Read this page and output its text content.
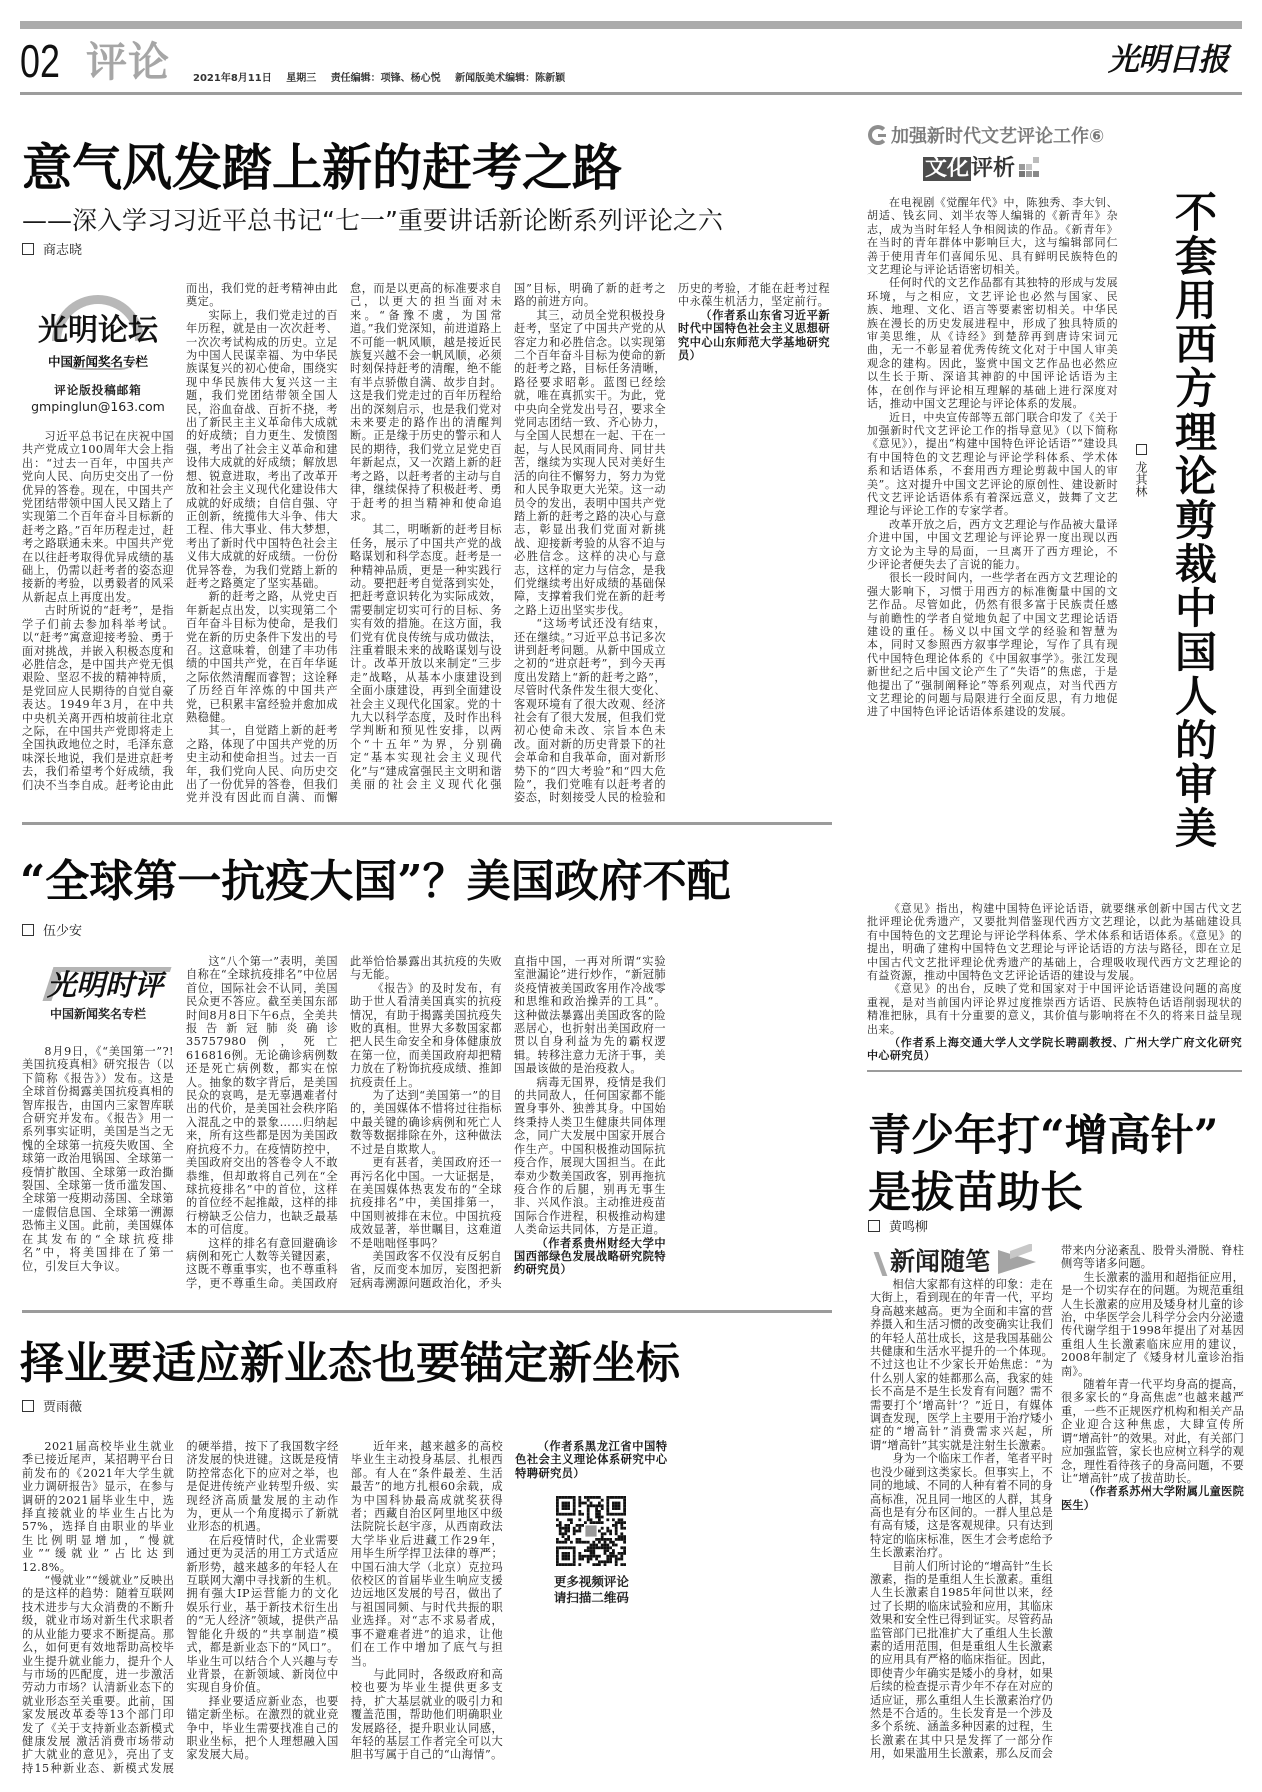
02 评论 2021年8月11日 星期三 责任编辑：项锋、杨心悦 新闻版美术编辑：陈新颖
光明日报
意气风发踏上新的赶考之路
——深入学习习近平总书记“七一”重要讲话新论断系列评论之六
商志晓
光明论坛
中国新闻奖名专栏
评论版投稿邮箱
gmpinglun@163.com

习近平总书记在庆祝中国共产党成立100周年大会上指出：“过去一百年，中国共产党向人民、向历史交出了一份优异的答卷。现在，中国共产党团结带领中国人民又踏上了实现第二个百年奋斗目标新的赶考之路。”百年历程走过，赶考之路联通未来。中国共产党在以往赶考取得优异成绩的基础上，仍需以赶考者的姿态迎接新的考验，以勇毅者的风采从新起点上再度出发。

古时所说的“赶考”，是指学子们前去参加科举考试。以“赶考”寓意迎接考验、勇于面对挑战，并嵌入积极态度和必胜信念，是中国共产党无惧艰险、坚忍不拔的精神特质，是党回应人民期待的自觉自豪表达。1949年3月，在中共中央机关离开西柏坡前往北京之际，在中国共产党即将走上全国执政地位之时，毛泽东意味深长地说，我们是进京赶考去，我们希望考个好成绩，我们决不当李自成。赶考论由此而出，我们党的赶考精神由此奠定。

实际上，我们党走过的百年历程，就是由一次次赶考、一次次考试构成的历史。立足为中国人民谋幸福、为中华民族谋复兴的初心使命，围绕实现中华民族伟大复兴这一主题，我们党团结带领全国人民，浴血奋战、百折不挠，考出了新民主主义革命伟大成就的好成绩；自力更生、发愤图强，考出了社会主义革命和建设伟大成就的好成绩；解放思想、锐意进取，考出了改革开放和社会主义现代化建设伟大成就的好成绩；自信自强、守正创新，统揽伟大斗争、伟大工程、伟大事业、伟大梦想，考出了新时代中国特色社会主义伟大成就的好成绩。一份份优异答卷，为我们党踏上新的赶考之路奠定了坚实基础。

新的赶考之路，从党史百年新起点出发，以实现第二个百年奋斗目标为使命，是我们党在新的历史条件下发出的号召。这意味着，创建了丰功伟绩的中国共产党，在百年华诞之际依然清醒而睿智；这诠释了历经百年淬炼的中国共产党，已积累丰富经验并愈加成熟稳健。

其一，自觉踏上新的赶考之路，体现了中国共产党的历史主动和使命担当。过去一百年，我们党向人民、向历史交出了一份优异的答卷，但我们党并没有因此而自满、而懈怠，而是以更高的标准要求自己，以更大的担当面对未来。“备豫不虞，为国常道。”我们党深知，前进道路上不可能一帆风顺，越是接近民族复兴越不会一帆风顺，必须时刻保持赶考的清醒，绝不能有半点骄傲自满、故步自封。这是我们党走过的百年历程给出的深刻启示，也是我们党对未来要走的路作出的清醒判断。正是缘于历史的警示和人民的期待，我们党立足党史百年新起点，又一次踏上新的赶考之路，以赶考者的主动与自律，继续保持了积极赶考、勇于赶考的担当精神和使命追求。

其二，明晰新的赶考目标任务，展示了中国共产党的战略谋划和科学态度。赶考是一种精神品质，更是一种实践行动。要把赶考自觉落到实处，把赶考意识转化为实际成效，需要制定切实可行的目标、务实有效的措施。在这方面，我们党有优良传统与成功做法，注重着眼未来的战略谋划与设计。改革开放以来制定“三步走”战略，从基本小康建设到全面小康建设，再到全面建设社会主义现代化国家。党的十九大以科学态度，及时作出科学判断和预见性安排，以两个“十五年”为界，分别确定“基本实现社会主义现代化”与“建成富强民主文明和谐美丽的社会主义现代化强国”目标，明确了新的赶考之路的前进方向。

其三，动员全党积极投身赶考，坚定了中国共产党的从容定力和必胜信念。以实现第二个百年奋斗目标为使命的新的赶考之路，目标任务清晰，路径要求昭彰。蓝图已经绘就，唯在真抓实干。为此，党中央向全党发出号召，要求全党同志团结一致、齐心协力，与全国人民想在一起、干在一起，与人民风雨同舟、同甘共苦，继续为实现人民对美好生活的向往不懈努力，努力为党和人民争取更大光荣。这一动员令的发出，表明中国共产党踏上新的赶考之路的决心与意志，彰显出我们党面对新挑战、迎接新考验的从容不迫与必胜信念。这样的决心与意志，这样的定力与信念，是我们党继续考出好成绩的基础保障，支撑着我们党在新的赶考之路上迈出坚实步伐。

“这场考试还没有结束，还在继续。”习近平总书记多次讲到赶考问题。从新中国成立之初的“进京赶考”，到今天再度出发踏上“新的赶考之路”，尽管时代条件发生很大变化、客观环境有了很大改观、经济社会有了很大发展，但我们党初心使命未改、宗旨本色未改。面对新的历史背景下的社会革命和自我革命，面对新形势下的“四大考验”和“四大危险”，我们党唯有以赶考者的姿态，时刻接受人民的检验和历史的考验，才能在赶考过程中永葆生机活力，坚定前行。

（作者系山东省习近平新时代中国特色社会主义思想研究中心山东师范大学基地研究员）

“全球第一抗疫大国”？美国政府不配
伍少安
光明时评
中国新闻奖名专栏

8月9日，《“美国第一”?! 美国抗疫真相》研究报告（以下简称《报告》）发布。这是全球首份揭露美国抗疫真相的智库报告，由国内三家智库联合研究并发布。《报告》用一系列事实证明，美国是当之无愧的全球第一抗疫失败国、全球第一政治甩锅国、全球第一疫情扩散国、全球第一政治撕裂国、全球第一货币滥发国、全球第一疫期动荡国、全球第一虚假信息国、全球第一溯源恐怖主义国。此前，美国媒体在其发布的“全球抗疫排名”中，将美国排在了第一位，引发巨大争议。

这“八个第一”表明，美国自称在“全球抗疫排名”中位居首位，国际社会不认同，美国民众更不答应。截至美国东部时间8月8日下午6点，全美共报告新冠肺炎确诊35757980例，死亡616816例。无论确诊病例数还是死亡病例数，都实在惊人。抽象的数字背后，是美国民众的哀鸣，是无辜遇难者付出的代价，是美国社会秩序陷入混乱之中的景象……归纳起来，所有这些都是因为美国政府抗疫不力。在疫情防控中，美国政府交出的答卷令人不敢恭维，但却敢将自己列在“全球抗疫排名”中的首位，这样的首位经不起推敲，这样的排行榜缺乏公信力，也缺乏最基本的可信度。

这样的排名有意回避确诊病例和死亡人数等关键因素，这既不尊重事实，也不尊重科学，更不尊重生命。美国政府此举恰恰暴露出其抗疫的失败与无能。

《报告》的及时发布，有助于世人看清美国真实的抗疫情况，有助于揭露美国抗疫失败的真相。世界大多数国家都把人民生命安全和身体健康放在第一位，而美国政府却把精力放在了粉饰抗疫成绩、推卸抗疫责任上。

为了达到“美国第一”的目的，美国媒体不惜将过往指标中最关键的确诊病例和死亡人数等数据排除在外，这种做法不过是自欺欺人。

更有甚者，美国政府还一再污名化中国。一大证据是，在美国媒体热衷发布的“全球抗疫排名”中，美国排第一，中国则被排在末位。中国抗疫成效显著，举世瞩目，这难道不是咄咄怪事吗？

美国政客不仅没有反躬自省，反而变本加厉，妄图把新冠病毒溯源问题政治化，矛头直指中国，一再对所谓“实验室泄漏论”进行炒作，“新冠肺炎疫情被美国政客用作冷战零和思维和政治操弄的工具”。这种做法暴露出美国政客的险恶居心，也折射出美国政府一贯以自身利益为先的霸权逻辑。转移注意力无济于事，美国最该做的是治疫救人。

病毒无国界，疫情是我们的共同敌人，任何国家都不能置身事外、独善其身。中国始终秉持人类卫生健康共同体理念，同广大发展中国家开展合作生产。中国积极推动国际抗疫合作，展现大国担当。在此奉劝少数美国政客，别再拖抗疫合作的后腿，别再无事生非、兴风作浪。主动推进疫苗国际合作进程，积极推动构建人类命运共同体，方是正道。

（作者系贵州财经大学中国西部绿色发展战略研究院特约研究员）

择业要适应新业态也要锚定新坐标
贾雨薇

2021届高校毕业生就业季已接近尾声，某招聘平台日前发布的《2021年大学生就业力调研报告》显示，在参与调研的2021届毕业生中，选择直接就业的毕业生占比为57%，选择自由职业的毕业生比例明显增加，“慢就业”“缓就业”占比达到12.8%。

“慢就业”“缓就业”反映出的是这样的趋势：随着互联网技术进步与大众消费的不断升级，就业市场对新生代求职者的从业能力要求不断提高。那么，如何更有效地帮助高校毕业生提升就业能力，提升个人与市场的匹配度，进一步激活劳动力市场？认清新业态下的就业形态至关重要。此前，国家发展改革委等13个部门印发了《关于支持新业态新模式健康发展 激活消费市场带动扩大就业的意见》，亮出了支持15种新业态、新模式发展的硬举措，按下了我国数字经济发展的快进键。这既是疫情防控常态化下的应对之举，也是促进传统产业转型升级、实现经济高质量发展的主动作为，更从一个角度揭示了新就业形态的机遇。

在后疫情时代，企业需要通过更为灵活的用工方式适应新形势，越来越多的年轻人在互联网大潮中寻找新的生机。拥有强大IP运营能力的文化娱乐行业，基于新技术衍生出的“无人经济”领域，提供产品智能化升级的“共享制造”模式，都是新业态下的“风口”。毕业生可以结合个人兴趣与专业背景，在新领域、新岗位中实现自身价值。

择业要适应新业态，也要锚定新坐标。在激烈的就业竞争中，毕业生需要找准自己的职业坐标，把个人理想融入国家发展大局。

近年来，越来越多的高校毕业生主动投身基层、扎根西部。有人在“条件最差、生活最苦”的地方扎根60余载，成为中国科协最高成就奖获得者；西藏自治区阿里地区中级法院院长赵宇彦，从西南政法大学毕业后进藏工作29年，用毕生所学捍卫法律的尊严；中国石油大学（北京）克拉玛依校区的首届毕业生响应支援边远地区发展的号召，做出了与祖国同频、与时代共振的职业选择。对“志不求易者成，事不避难者进”的追求，让他们在工作中增加了底气与担当。

与此同时，各级政府和高校也要为毕业生提供更多支持，扩大基层就业的吸引力和覆盖范围，帮助他们明确职业发展路径，提升职业认同感，年轻的基层工作者完全可以大胆书写属于自己的“山海情”。

（作者系黑龙江省中国特色社会主义理论体系研究中心特聘研究员）

更多视频评论
请扫描二维码
加强新时代文艺评论工作⑥
文化评析

在电视剧《觉醒年代》中，陈独秀、李大钊、胡适、钱玄同、刘半农等人编辑的《新青年》杂志，成为当时年轻人争相阅读的作品。《新青年》在当时的青年群体中影响巨大，这与编辑部同仁善于使用青年们喜闻乐见、具有鲜明民族特色的文艺理论与评论话语密切相关。

任何时代的文艺作品都有其独特的形成与发展环境，与之相应，文艺评论也必然与国家、民族、地理、文化、语言等要素密切相关。中华民族在漫长的历史发展进程中，形成了独具特质的审美思维，从《诗经》到楚辞再到唐诗宋词元曲，无一不彰显着优秀传统文化对于中国人审美观念的建构。因此，鉴赏中国文艺作品也必然应以生长于斯、深谙其神韵的中国评论话语为主体，在创作与评论相互理解的基础上进行深度对话，推动中国文艺理论与评论体系的发展。

近日，中央宣传部等五部门联合印发了《关于加强新时代文艺评论工作的指导意见》（以下简称《意见》），提出“构建中国特色评论话语”“建设具有中国特色的文艺理论与评论学科体系、学术体系和话语体系，不套用西方理论剪裁中国人的审美”。这对提升中国文艺评论的原创性、建设新时代文艺评论话语体系有着深远意义，鼓舞了文艺理论与评论工作的专家学者。

改革开放之后，西方文艺理论与作品被大量译介进中国，中国文艺理论与评论界一度出现以西方文论为主导的局面，一旦离开了西方理论，不少评论者便失去了言说的能力。

很长一段时间内，一些学者在西方文艺理论的强大影响下，习惯于用西方的标准衡量中国的文艺作品。尽管如此，仍然有很多富于民族责任感与前瞻性的学者自觉地负起了中国文艺理论话语建设的重任。杨义以中国文学的经验和智慧为本，同时又参照西方叙事学理论，写作了具有现代中国特色理论体系的《中国叙事学》。张江发现新世纪之后中国文论产生了“失语”的焦虑，于是他提出了“强制阐释论”等系列观点，对当代西方文艺理论的问题与局限进行全面反思，有力地促进了中国特色评论话语体系建设的发展。

龙其林 不套用西方理论剪裁中国人的审美

《意见》指出，构建中国特色评论话语，就要继承创新中国古代文艺批评理论优秀遗产，又要批判借鉴现代西方文艺理论，以此为基础建设具有中国特色的文艺理论与评论学科体系、学术体系和话语体系。《意见》的提出，明确了建构中国特色文艺理论与评论话语的方法与路径，即在立足中国古代文艺批评理论优秀遗产的基础上，合理吸收现代西方文艺理论的有益资源，推动中国特色文艺评论话语的建设与发展。

《意见》的出台，反映了党和国家对于中国评论话语建设问题的高度重视，是对当前国内评论界过度推崇西方话语、民族特色话语削弱现状的精准把脉，具有十分重要的意义，其价值与影响将在不久的将来日益呈现出来。

（作者系上海交通大学人文学院长聘副教授、广州大学广府文化研究中心研究员）

青少年打“增高针”
是拔苗助长
黄鸣柳
新闻随笔

相信大家都有这样的印象：走在大街上，看到现在的年青一代，平均身高越来越高。更为全面和丰富的营养摄入和生活习惯的改变确实让我们的年轻人茁壮成长，这是我国基础公共健康和生活水平提升的一个体现。不过这也让不少家长开始焦虑：“为什么别人家的娃都那么高，我家的娃长不高是不是生长发育有问题？需不需要打个‘增高针’？”近日，有媒体调查发现，医学上主要用于治疗矮小症的“增高针”消费需求兴起，所谓“增高针”其实就是注射生长激素。

身为一个临床工作者，笔者平时也没少碰到这类家长。但事实上，不同的地域、不同的人种有着不同的身高标准，况且同一地区的人群，其身高也是有分布区间的。一群人里总是有高有矮，这是客观规律。只有达到特定的临床标准，医生才会考虑给予生长激素治疗。

目前人们所讨论的“增高针”生长激素，指的是重组人生长激素。重组人生长激素自1985年问世以来，经过了长期的临床试验和应用，其临床效果和安全性已得到证实。尽管药品监管部门已批准扩大了重组人生长激素的适用范围，但是重组人生长激素的应用具有严格的临床指征。因此，即使青少年确实是矮小的身材，如果后续的检查提示青少年不存在对应的适应证，那么重组人生长激素治疗仍然是不合适的。生长发育是一个涉及多个系统、涵盖多种因素的过程，生长激素在其中只是发挥了一部分作用，如果滥用生长激素，那么反而会带来内分泌紊乱、股骨头滑脱、脊柱侧弯等诸多问题。

生长激素的滥用和超指征应用，是一个切实存在的问题。为规范重组人生长激素的应用及矮身材儿童的诊治，中华医学会儿科学分会内分泌遗传代谢学组于1998年提出了对基因重组人生长激素临床应用的建议，2008年制定了《矮身材儿童诊治指南》。

随着年青一代平均身高的提高，很多家长的“身高焦虑”也越来越严重，一些不正规医疗机构和相关产品企业迎合这种焦虑，大肆宣传所谓“增高针”的效果。对此，有关部门应加强监管，家长也应树立科学的观念，理性看待孩子的身高问题，不要让“增高针”成了拔苗助长。

（作者系苏州大学附属儿童医院医生）
